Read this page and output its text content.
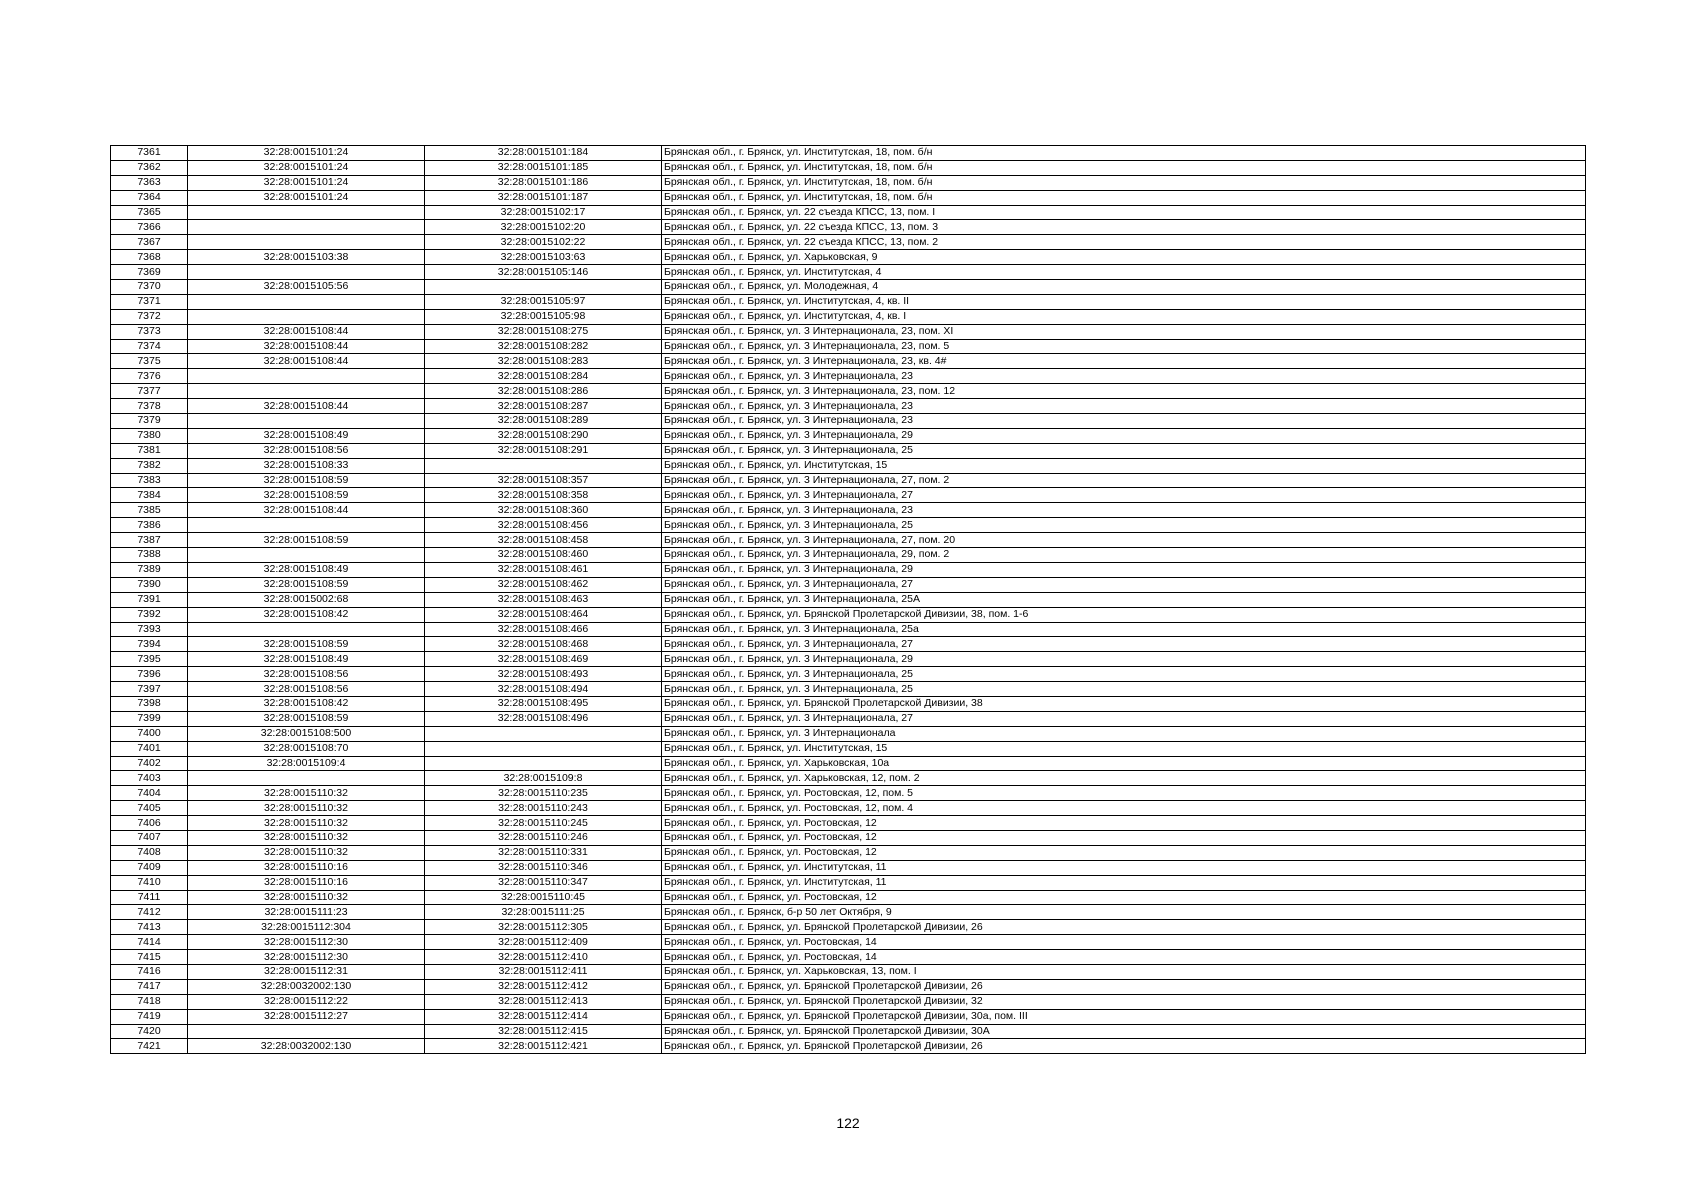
7361	32:28:0015101:24	32:28:0015101:184	Брянская обл., г. Брянск, ул. Институтская, 18, пом. б/н
7362	32:28:0015101:24	32:28:0015101:185	Брянская обл., г. Брянск, ул. Институтская, 18, пом. б/н
7363	32:28:0015101:24	32:28:0015101:186	Брянская обл., г. Брянск, ул. Институтская, 18, пом. б/н
7364	32:28:0015101:24	32:28:0015101:187	Брянская обл., г. Брянск, ул. Институтская, 18, пом. б/н
7365		32:28:0015102:17	Брянская обл., г. Брянск, ул. 22 съезда КПСС, 13, пом. I
7366		32:28:0015102:20	Брянская обл., г. Брянск, ул. 22 съезда КПСС, 13, пом. 3
7367		32:28:0015102:22	Брянская обл., г. Брянск, ул. 22 съезда КПСС, 13, пом. 2
7368	32:28:0015103:38	32:28:0015103:63	Брянская обл., г. Брянск, ул. Харьковская, 9
7369		32:28:0015105:146	Брянская обл., г. Брянск, ул. Институтская, 4
7370	32:28:0015105:56		Брянская обл., г. Брянск, ул. Молодежная, 4
7371		32:28:0015105:97	Брянская обл., г. Брянск, ул. Институтская, 4, кв. II
7372		32:28:0015105:98	Брянская обл., г. Брянск, ул. Институтская, 4, кв. I
7373	32:28:0015108:44	32:28:0015108:275	Брянская обл., г. Брянск, ул. 3 Интернационала, 23, пом. XI
7374	32:28:0015108:44	32:28:0015108:282	Брянская обл., г. Брянск, ул. 3 Интернационала, 23, пом. 5
7375	32:28:0015108:44	32:28:0015108:283	Брянская обл., г. Брянск, ул. 3 Интернационала, 23, кв. 4#
7376		32:28:0015108:284	Брянская обл., г. Брянск, ул. 3 Интернационала, 23
7377		32:28:0015108:286	Брянская обл., г. Брянск, ул. 3 Интернационала, 23, пом. 12
7378	32:28:0015108:44	32:28:0015108:287	Брянская обл., г. Брянск, ул. 3 Интернационала, 23
7379		32:28:0015108:289	Брянская обл., г. Брянск, ул. 3 Интернационала, 23
7380	32:28:0015108:49	32:28:0015108:290	Брянская обл., г. Брянск, ул. 3 Интернационала, 29
7381	32:28:0015108:56	32:28:0015108:291	Брянская обл., г. Брянск, ул. 3 Интернационала, 25
7382	32:28:0015108:33		Брянская обл., г. Брянск, ул. Институтская, 15
7383	32:28:0015108:59	32:28:0015108:357	Брянская обл., г. Брянск, ул. 3 Интернационала, 27, пом. 2
7384	32:28:0015108:59	32:28:0015108:358	Брянская обл., г. Брянск, ул. 3 Интернационала, 27
7385	32:28:0015108:44	32:28:0015108:360	Брянская обл., г. Брянск, ул. 3 Интернационала, 23
7386		32:28:0015108:456	Брянская обл., г. Брянск, ул. 3 Интернационала, 25
7387	32:28:0015108:59	32:28:0015108:458	Брянская обл., г. Брянск, ул. 3 Интернационала, 27, пом. 20
7388		32:28:0015108:460	Брянская обл., г. Брянск, ул. 3 Интернационала, 29, пом. 2
7389	32:28:0015108:49	32:28:0015108:461	Брянская обл., г. Брянск, ул. 3 Интернационала, 29
7390	32:28:0015108:59	32:28:0015108:462	Брянская обл., г. Брянск, ул. 3 Интернационала, 27
7391	32:28:0015002:68	32:28:0015108:463	Брянская обл., г. Брянск, ул. 3 Интернационала, 25А
7392	32:28:0015108:42	32:28:0015108:464	Брянская обл., г. Брянск, ул. Брянской Пролетарской Дивизии, 38, пом. 1-6
7393		32:28:0015108:466	Брянская обл., г. Брянск, ул. 3 Интернационала, 25а
7394	32:28:0015108:59	32:28:0015108:468	Брянская обл., г. Брянск, ул. 3 Интернационала, 27
7395	32:28:0015108:49	32:28:0015108:469	Брянская обл., г. Брянск, ул. 3 Интернационала, 29
7396	32:28:0015108:56	32:28:0015108:493	Брянская обл., г. Брянск, ул. 3 Интернационала, 25
7397	32:28:0015108:56	32:28:0015108:494	Брянская обл., г. Брянск, ул. 3 Интернационала, 25
7398	32:28:0015108:42	32:28:0015108:495	Брянская обл., г. Брянск, ул. Брянской Пролетарской Дивизии, 38
7399	32:28:0015108:59	32:28:0015108:496	Брянская обл., г. Брянск, ул. 3 Интернационала, 27
7400	32:28:0015108:500		Брянская обл., г. Брянск, ул. 3 Интернационала
7401	32:28:0015108:70		Брянская обл., г. Брянск, ул. Институтская, 15
7402	32:28:0015109:4		Брянская обл., г. Брянск, ул. Харьковская, 10а
7403		32:28:0015109:8	Брянская обл., г. Брянск, ул. Харьковская, 12, пом. 2
7404	32:28:0015110:32	32:28:0015110:235	Брянская обл., г. Брянск, ул. Ростовская, 12, пом. 5
7405	32:28:0015110:32	32:28:0015110:243	Брянская обл., г. Брянск, ул. Ростовская, 12, пом. 4
7406	32:28:0015110:32	32:28:0015110:245	Брянская обл., г. Брянск, ул. Ростовская, 12
7407	32:28:0015110:32	32:28:0015110:246	Брянская обл., г. Брянск, ул. Ростовская, 12
7408	32:28:0015110:32	32:28:0015110:331	Брянская обл., г. Брянск, ул. Ростовская, 12
7409	32:28:0015110:16	32:28:0015110:346	Брянская обл., г. Брянск, ул. Институтская, 11
7410	32:28:0015110:16	32:28:0015110:347	Брянская обл., г. Брянск, ул. Институтская, 11
7411	32:28:0015110:32	32:28:0015110:45	Брянская обл., г. Брянск, ул. Ростовская, 12
7412	32:28:0015111:23	32:28:0015111:25	Брянская обл., г. Брянск, б-р 50 лет Октября, 9
7413	32:28:0015112:304	32:28:0015112:305	Брянская обл., г. Брянск, ул. Брянской Пролетарской Дивизии, 26
7414	32:28:0015112:30	32:28:0015112:409	Брянская обл., г. Брянск, ул. Ростовская, 14
7415	32:28:0015112:30	32:28:0015112:410	Брянская обл., г. Брянск, ул. Ростовская, 14
7416	32:28:0015112:31	32:28:0015112:411	Брянская обл., г. Брянск, ул. Харьковская, 13, пом. I
7417	32:28:0032002:130	32:28:0015112:412	Брянская обл., г. Брянск, ул. Брянской Пролетарской Дивизии, 26
7418	32:28:0015112:22	32:28:0015112:413	Брянская обл., г. Брянск, ул. Брянской Пролетарской Дивизии, 32
7419	32:28:0015112:27	32:28:0015112:414	Брянская обл., г. Брянск, ул. Брянской Пролетарской Дивизии, 30а, пом. III
7420		32:28:0015112:415	Брянская обл., г. Брянск, ул. Брянской Пролетарской Дивизии, 30А
7421	32:28:0032002:130	32:28:0015112:421	Брянская обл., г. Брянск, ул. Брянской Пролетарской Дивизии, 26
122
